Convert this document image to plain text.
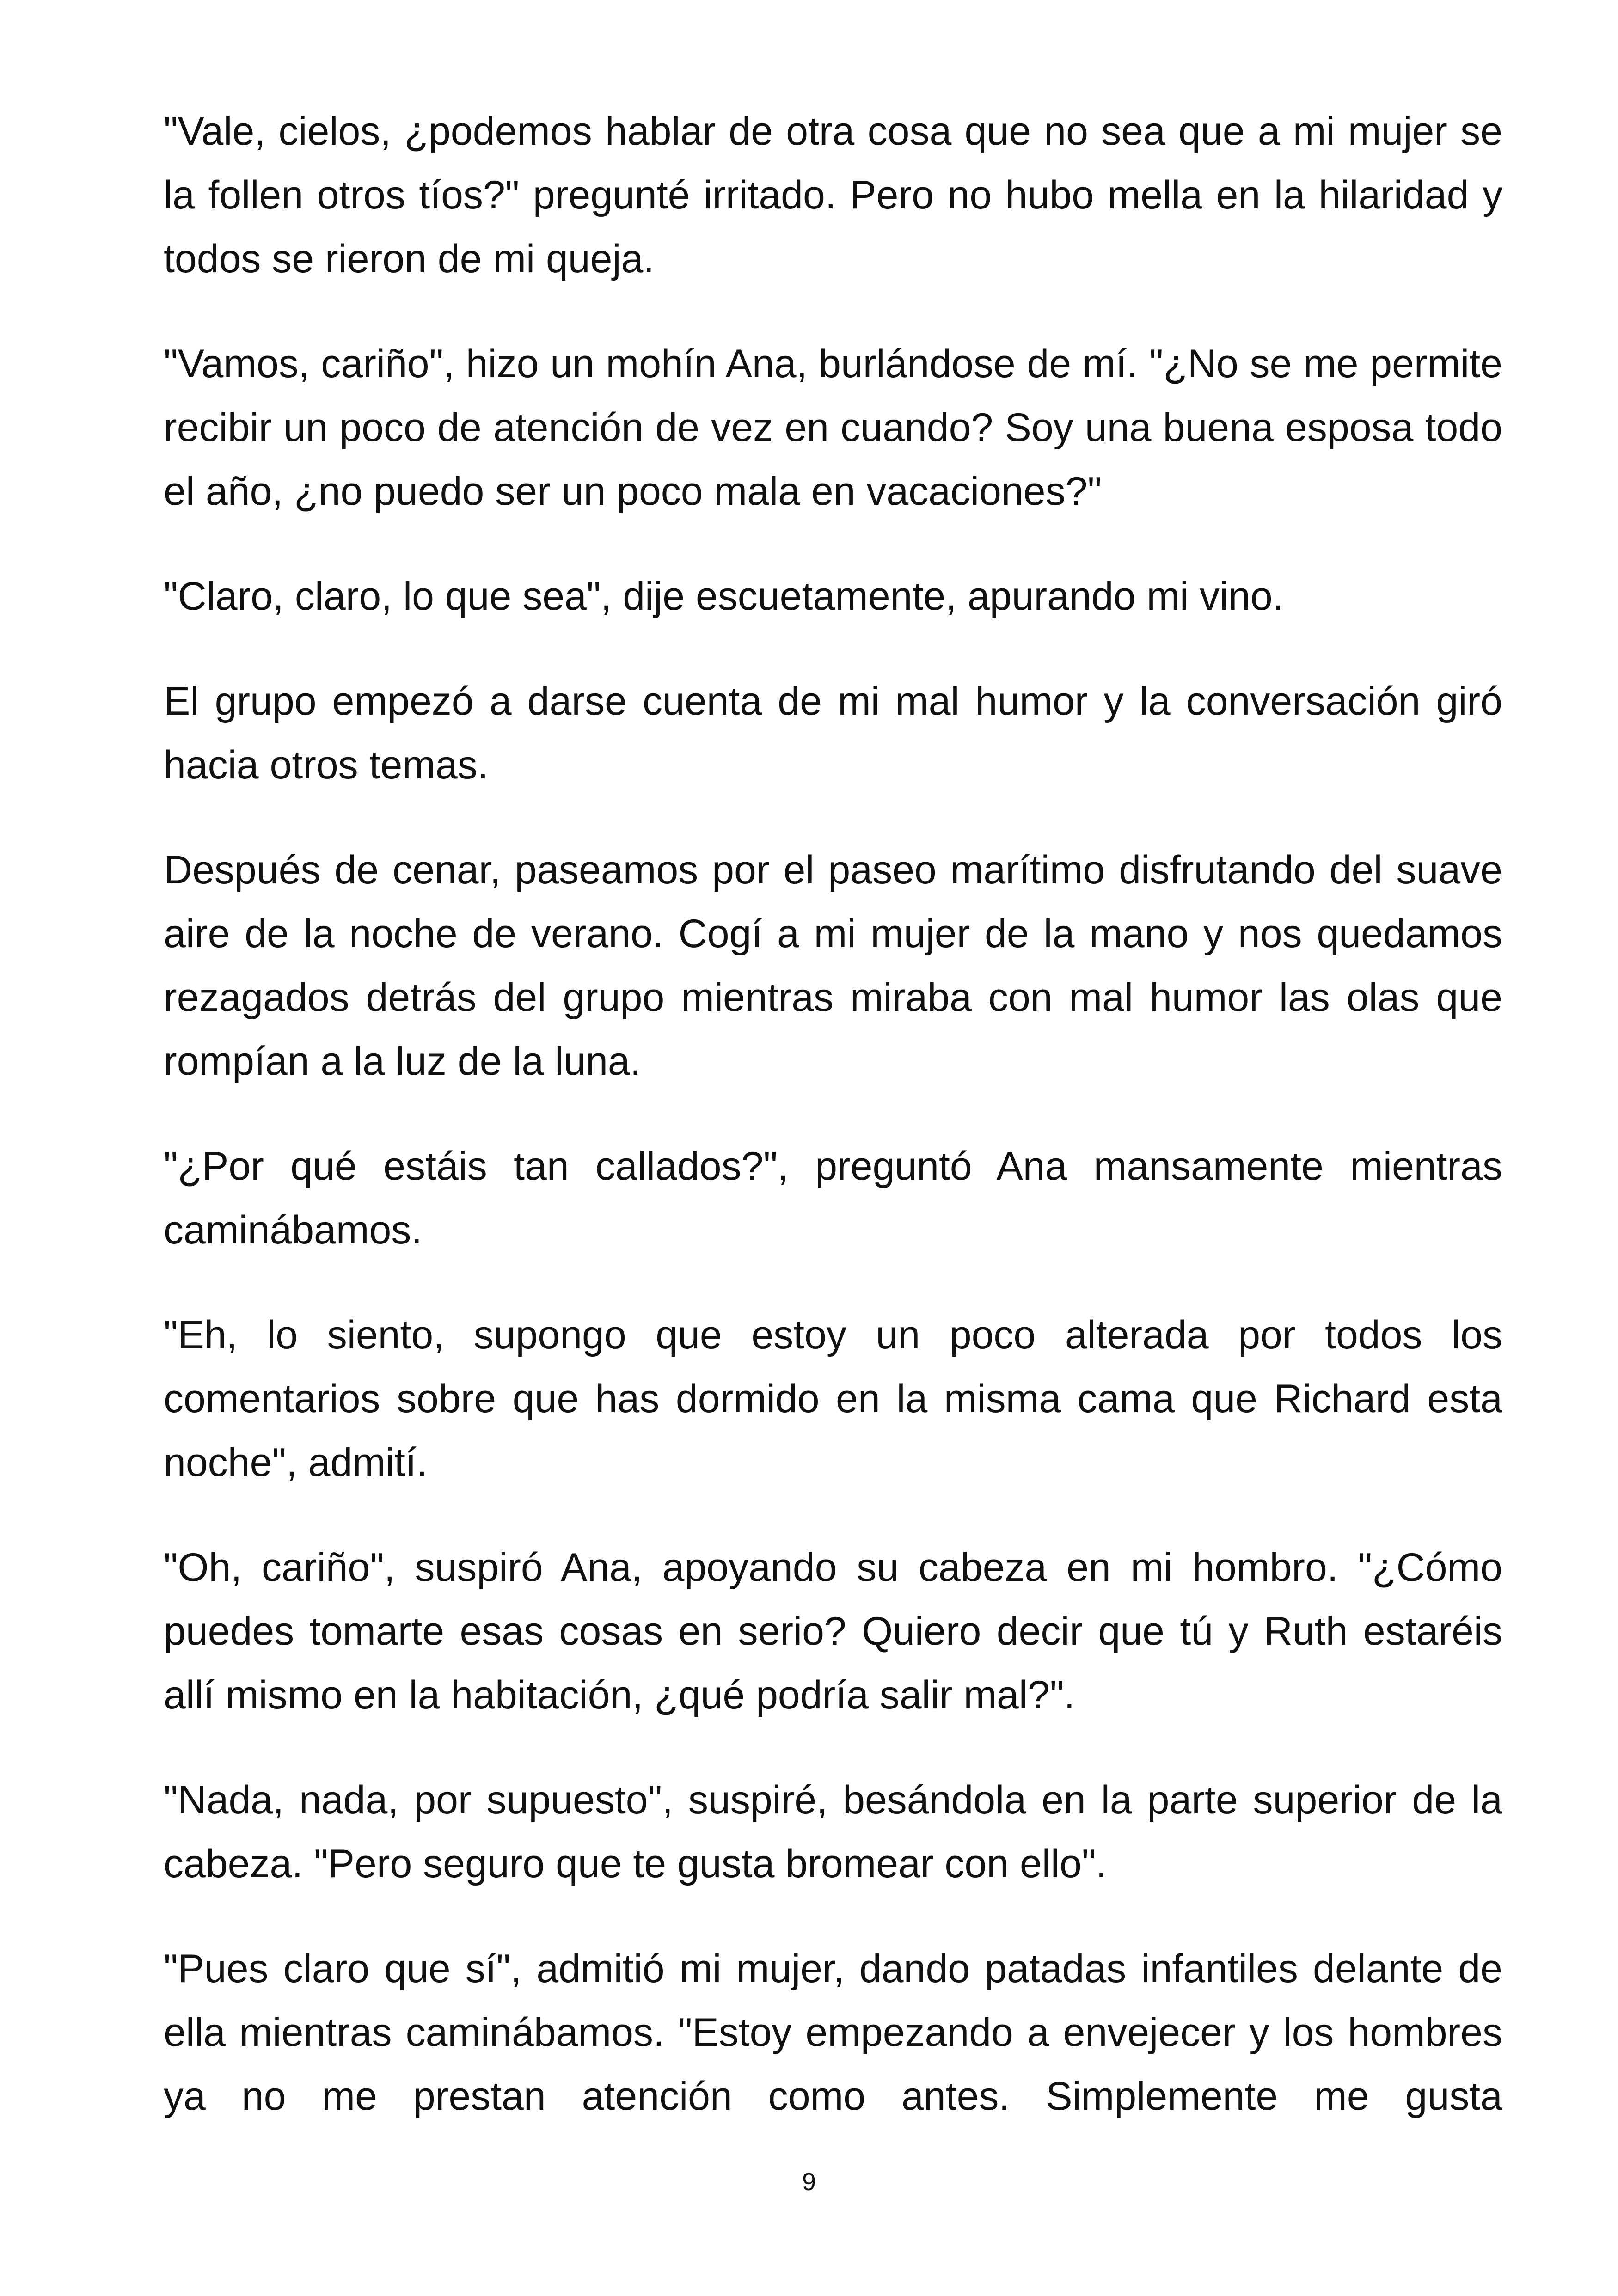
"Vale, cielos, ¿podemos hablar de otra cosa que no sea que a mi mujer se la follen otros tíos?" pregunté irritado. Pero no hubo mella en la hilaridad y todos se rieron de mi queja.

"Vamos, cariño", hizo un mohín Ana, burlándose de mí. "¿No se me permite recibir un poco de atención de vez en cuando? Soy una buena esposa todo el año, ¿no puedo ser un poco mala en vacaciones?"

"Claro, claro, lo que sea", dije escuetamente, apurando mi vino.

El grupo empezó a darse cuenta de mi mal humor y la conversación giró hacia otros temas.

Después de cenar, paseamos por el paseo marítimo disfrutando del suave aire de la noche de verano. Cogí a mi mujer de la mano y nos quedamos rezagados detrás del grupo mientras miraba con mal humor las olas que rompían a la luz de la luna.

"¿Por qué estáis tan callados?", preguntó Ana mansamente mientras caminábamos.

"Eh, lo siento, supongo que estoy un poco alterada por todos los comentarios sobre que has dormido en la misma cama que Richard esta noche", admití.

"Oh, cariño", suspiró Ana, apoyando su cabeza en mi hombro. "¿Cómo puedes tomarte esas cosas en serio? Quiero decir que tú y Ruth estaréis allí mismo en la habitación, ¿qué podría salir mal?".

"Nada, nada, por supuesto", suspiré, besándola en la parte superior de la cabeza. "Pero seguro que te gusta bromear con ello".

"Pues claro que sí", admitió mi mujer, dando patadas infantiles delante de ella mientras caminábamos. "Estoy empezando a envejecer y los hombres ya no me prestan atención como antes. Simplemente me gusta

9
